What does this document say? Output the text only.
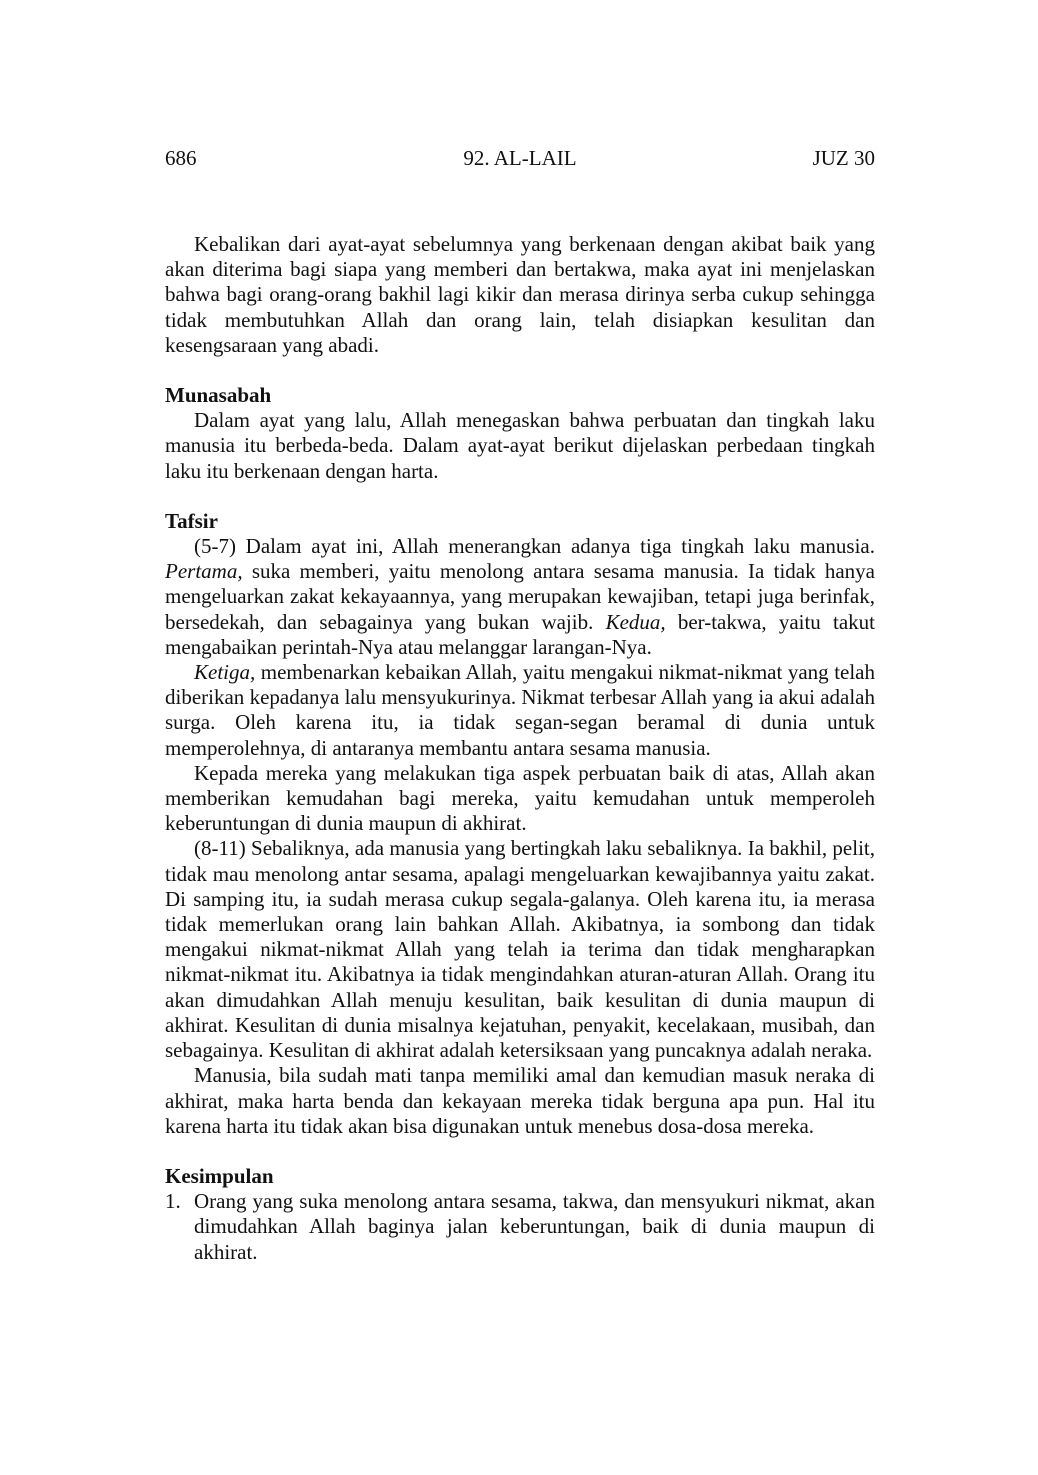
686	92. AL-LAIL	JUZ 30

Kebalikan dari ayat-ayat sebelumnya yang berkenaan dengan akibat baik yang akan diterima bagi siapa yang memberi dan bertakwa, maka ayat ini menjelaskan bahwa bagi orang-orang bakhil lagi kikir dan merasa dirinya serba cukup sehingga tidak membutuhkan Allah dan orang lain, telah disiapkan kesulitan dan kesengsaraan yang abadi.

Munasabah

Dalam ayat yang lalu, Allah menegaskan bahwa perbuatan dan tingkah laku manusia itu berbeda-beda. Dalam ayat-ayat berikut dijelaskan perbedaan tingkah laku itu berkenaan dengan harta.

Tafsir

(5-7) Dalam ayat ini, Allah menerangkan adanya tiga tingkah laku manusia. Pertama, suka memberi, yaitu menolong antara sesama manusia. Ia tidak hanya mengeluarkan zakat kekayaannya, yang merupakan kewajiban, tetapi juga berinfak, bersedekah, dan sebagainya yang bukan wajib. Kedua, ber-takwa, yaitu takut mengabaikan perintah-Nya atau melanggar larangan-Nya.

Ketiga, membenarkan kebaikan Allah, yaitu mengakui nikmat-nikmat yang telah diberikan kepadanya lalu mensyukurinya. Nikmat terbesar Allah yang ia akui adalah surga. Oleh karena itu, ia tidak segan-segan beramal di dunia untuk memperolehnya, di antaranya membantu antara sesama manusia.

Kepada mereka yang melakukan tiga aspek perbuatan baik di atas, Allah akan memberikan kemudahan bagi mereka, yaitu kemudahan untuk memperoleh keberuntungan di dunia maupun di akhirat.

(8-11) Sebaliknya, ada manusia yang bertingkah laku sebaliknya. Ia bakhil, pelit, tidak mau menolong antar sesama, apalagi mengeluarkan kewajibannya yaitu zakat. Di samping itu, ia sudah merasa cukup segala-galanya. Oleh karena itu, ia merasa tidak memerlukan orang lain bahkan Allah. Akibatnya, ia sombong dan tidak mengakui nikmat-nikmat Allah yang telah ia terima dan tidak mengharapkan nikmat-nikmat itu. Akibatnya ia tidak mengindahkan aturan-aturan Allah. Orang itu akan dimudahkan Allah menuju kesulitan, baik kesulitan di dunia maupun di akhirat. Kesulitan di dunia misalnya kejatuhan, penyakit, kecelakaan, musibah, dan sebagainya. Kesulitan di akhirat adalah ketersiksaan yang puncaknya adalah neraka.

Manusia, bila sudah mati tanpa memiliki amal dan kemudian masuk neraka di akhirat, maka harta benda dan kekayaan mereka tidak berguna apa pun. Hal itu karena harta itu tidak akan bisa digunakan untuk menebus dosa-dosa mereka.

Kesimpulan
1. Orang yang suka menolong antara sesama, takwa, dan mensyukuri nikmat, akan dimudahkan Allah baginya jalan keberuntungan, baik di dunia maupun di akhirat.
